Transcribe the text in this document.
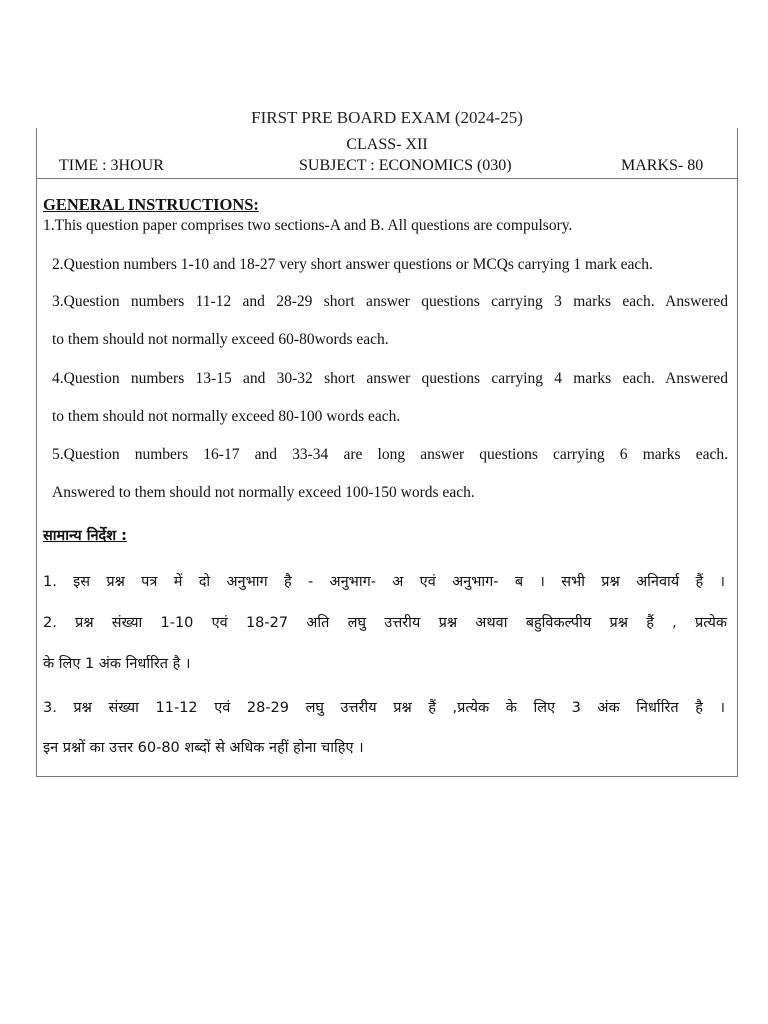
FIRST PRE BOARD EXAM (2024-25)
CLASS- XII
TIME : 3HOUR	SUBJECT : ECONOMICS (030)	MARKS- 80
GENERAL INSTRUCTIONS:
1.This question paper comprises two sections-A and B. All questions are compulsory.
2.Question numbers 1-10 and 18-27 very short answer questions or MCQs carrying 1 mark each.
3.Question numbers 11-12 and 28-29 short answer questions carrying 3 marks each. Answered
to them should not normally exceed 60-80words each.
4.Question numbers 13-15 and 30-32 short answer questions carrying 4 marks each. Answered
to them should not normally exceed 80-100 words each.
5.Question numbers 16-17 and 33-34 are long answer questions carrying 6 marks each.
Answered to them should not normally exceed 100-150 words each.
सामान्य निर्देश :
1. इस प्रश्न पत्र में दो अनुभाग है - अनुभाग- अ एवं अनुभाग- ब । सभी प्रश्न अनिवार्य हैं ।
2. प्रश्न संख्या 1-10 एवं 18-27 अति लघु उत्तरीय प्रश्न अथवा बहुविकल्पीय प्रश्न हैं , प्रत्येक
के लिए 1 अंक निर्धारित है ।
3. प्रश्न संख्या 11-12 एवं 28-29 लघु उत्तरीय प्रश्न हैं ,प्रत्येक के लिए 3 अंक निर्धारित है ।
इन प्रश्नों का उत्तर 60-80 शब्दों से अधिक नहीं होना चाहिए ।
